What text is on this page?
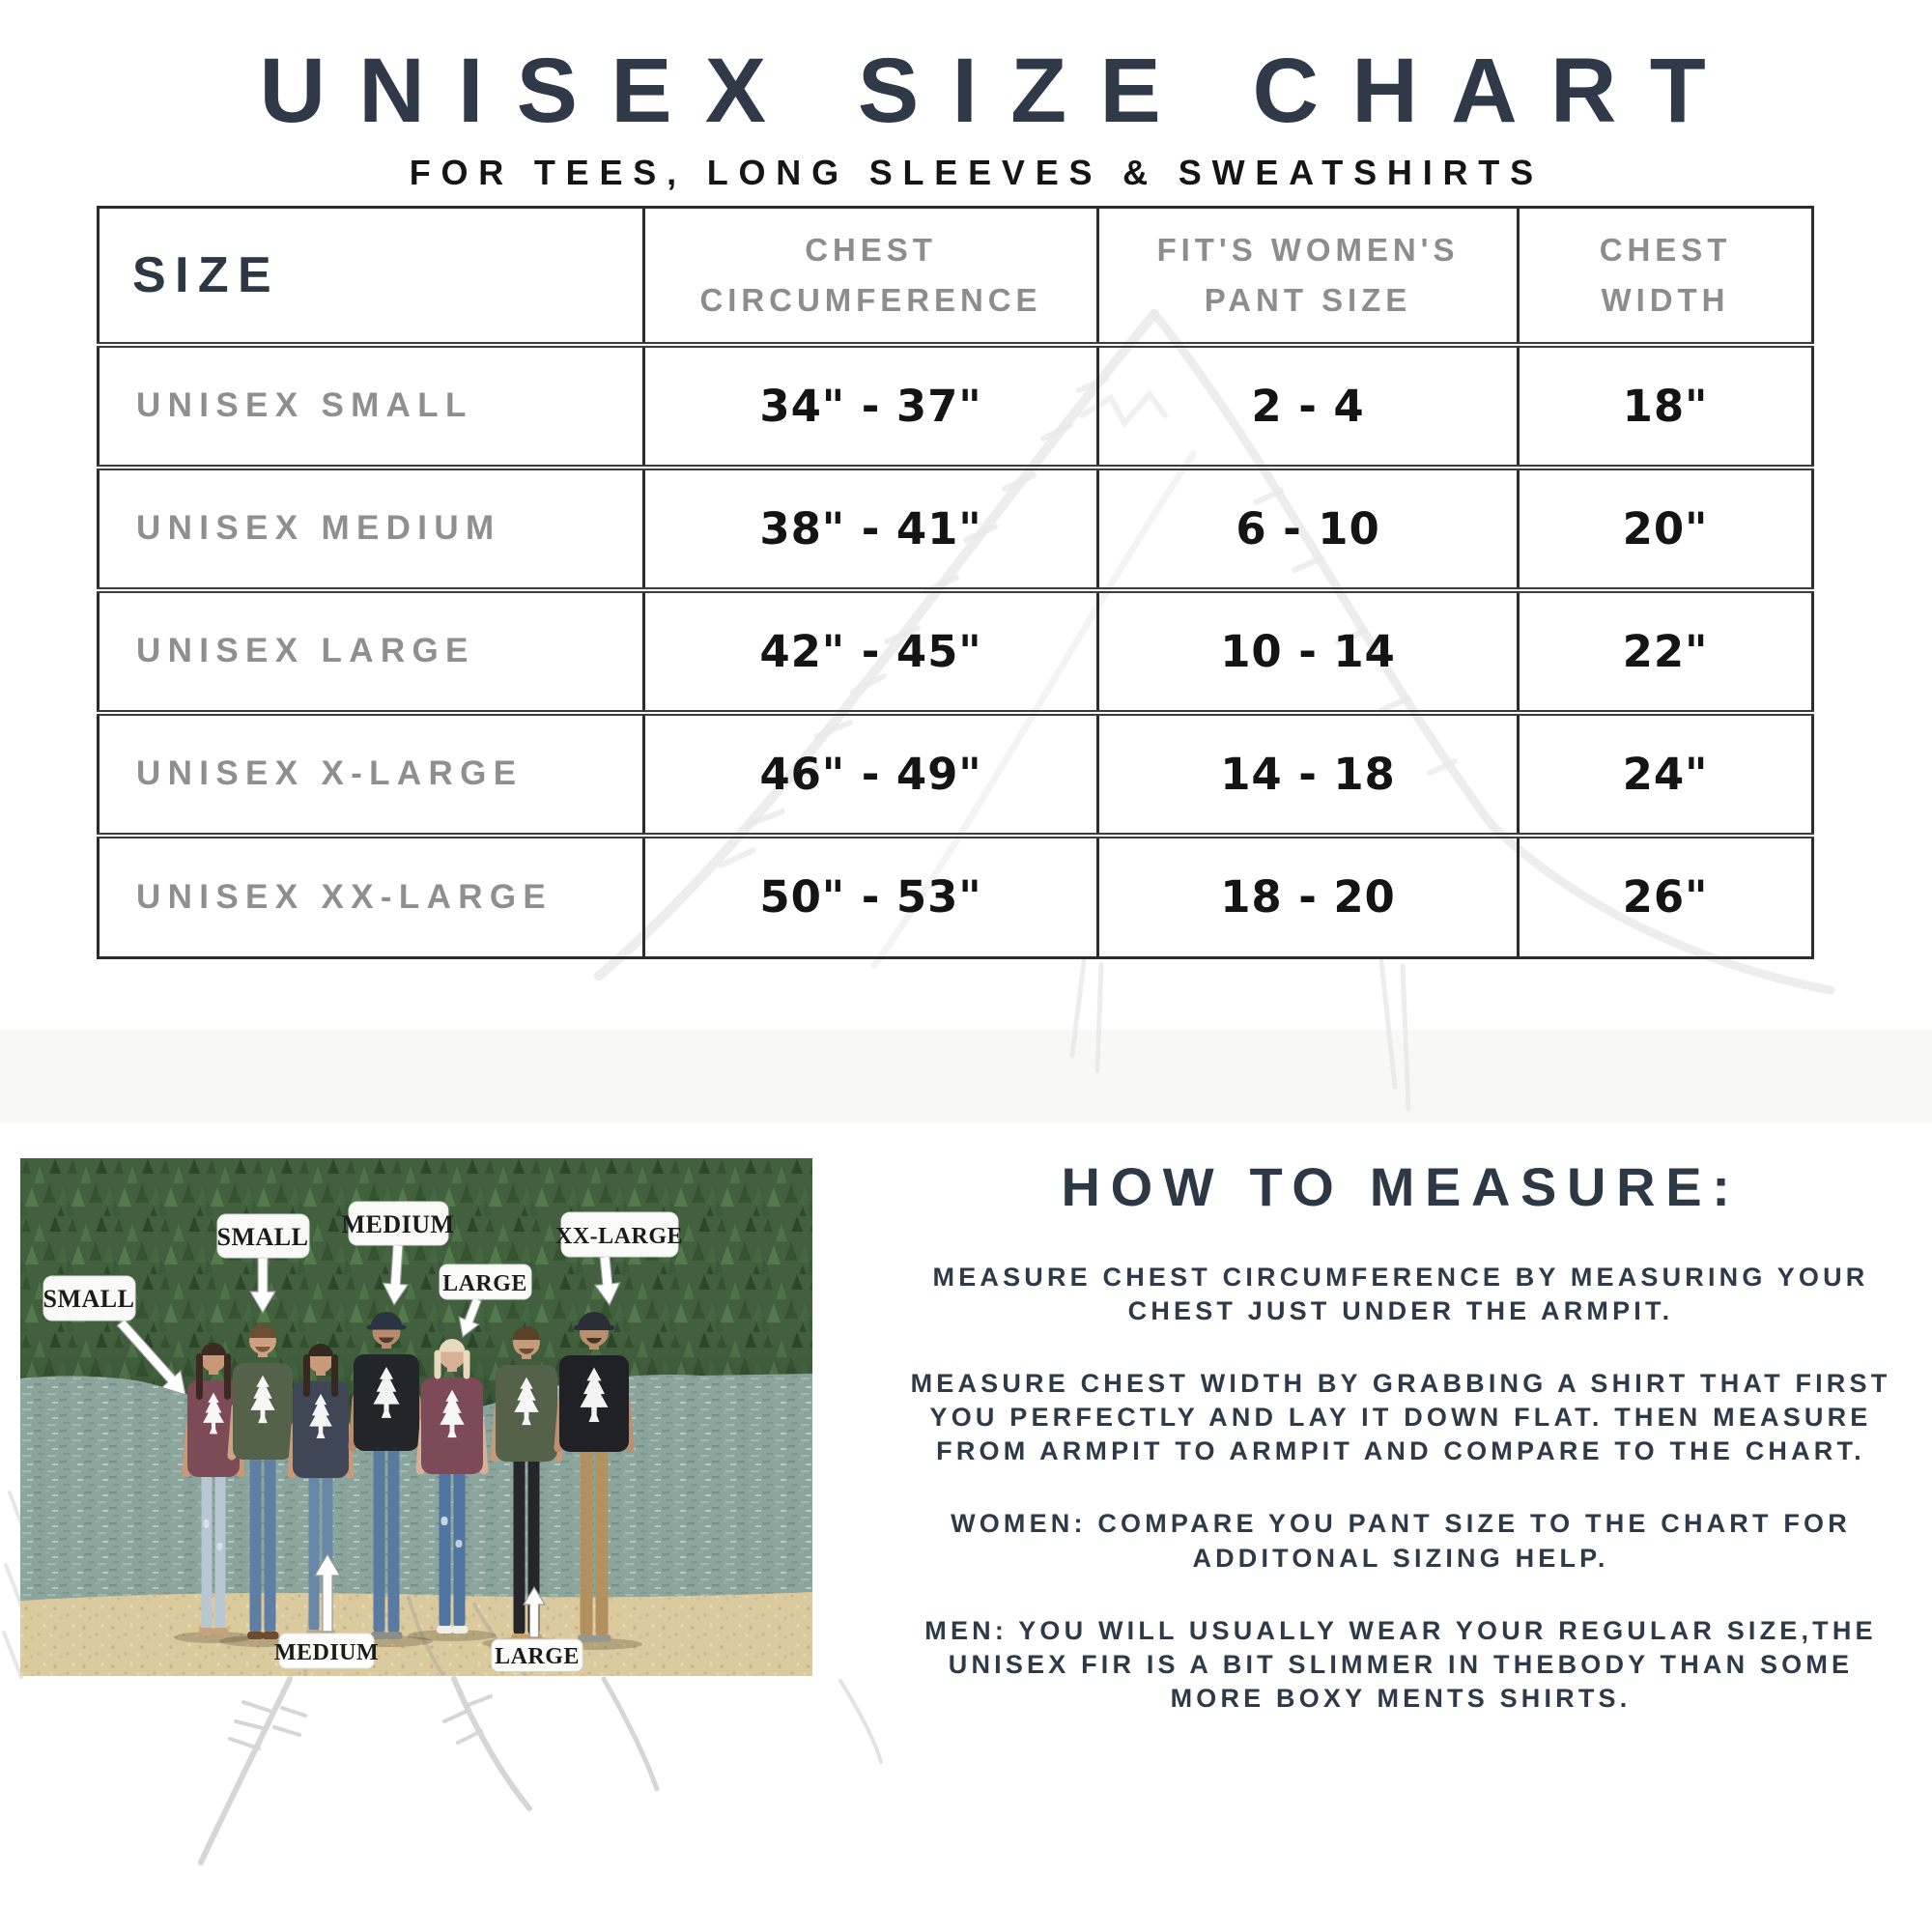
UNISEX SIZE CHART
FOR TEES, LONG SLEEVES & SWEATSHIRTS
SIZE	CHEST CIRCUMFERENCE	FIT'S WOMEN'S PANT SIZE	CHEST WIDTH
UNISEX SMALL	34" - 37"	2 - 4	18"
UNISEX MEDIUM	38" - 41"	6 - 10	20"
UNISEX LARGE	42" - 45"	10 - 14	22"
UNISEX X-LARGE	46" - 49"	14 - 18	24"
UNISEX XX-LARGE	50" - 53"	18 - 20	26"
SMALL
SMALL MEDIUM
LARGE
XX-LARGE
MEDIUM	LARGE
HOW TO MEASURE:

MEASURE CHEST CIRCUMFERENCE BY MEASURING YOUR CHEST JUST UNDER THE ARMPIT.

MEASURE CHEST WIDTH BY GRABBING A SHIRT THAT FIRST YOU PERFECTLY AND LAY IT DOWN FLAT. THEN MEASURE FROM ARMPIT TO ARMPIT AND COMPARE TO THE CHART.

WOMEN: COMPARE YOU PANT SIZE TO THE CHART FOR ADDITONAL SIZING HELP.

MEN: YOU WILL USUALLY WEAR YOUR REGULAR SIZE,THE UNISEX FIR IS A BIT SLIMMER IN THEBODY THAN SOME MORE BOXY MENTS SHIRTS.
